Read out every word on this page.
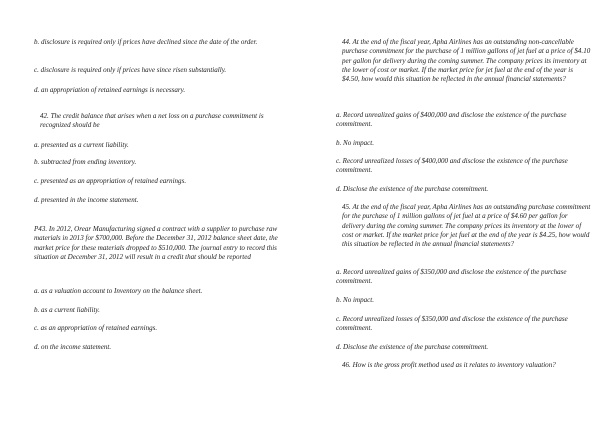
b. disclosure is required only if prices have declined since the date of the order.

c. disclosure is required only if prices have since risen substantially.

d. an appropriation of retained earnings is necessary.

42. The credit balance that arises when a net loss on a purchase commitment is recognized should be

a. presented as a current liability.

b. subtracted from ending inventory.

c. presented as an appropriation of retained earnings.

d. presented in the income statement.

P43. In 2012, Orear Manufacturing signed a contract with a supplier to purchase raw materials in 2013 for $700,000. Before the December 31, 2012 balance sheet date, the market price for these materials dropped to $510,000. The journal entry to record this situation at December 31, 2012 will result in a credit that should be reported

a. as a valuation account to Inventory on the balance sheet.

b. as a current liability.

c. as an appropriation of retained earnings.

d. on the income statement.

44. At the end of the fiscal year, Apha Airlines has an outstanding non-cancellable purchase commitment for the purchase of 1 million gallons of jet fuel at a price of $4.10 per gallon for delivery during the coming summer. The company prices its inventory at the lower of cost or market. If the market price for jet fuel at the end of the year is $4.50, how would this situation be reflected in the annual financial statements?

a. Record unrealized gains of $400,000 and disclose the existence of the purchase commitment.

b. No impact.

c. Record unrealized losses of $400,000 and disclose the existence of the purchase commitment.

d. Disclose the existence of the purchase commitment.

45. At the end of the fiscal year, Apha Airlines has an outstanding purchase commitment for the purchase of 1 million gallons of jet fuel at a price of $4.60 per gallon for delivery during the coming summer. The company prices its inventory at the lower of cost or market. If the market price for jet fuel at the end of the year is $4.25, how would this situation be reflected in the annual financial statements?

a. Record unrealized gains of $350,000 and disclose the existence of the purchase commitment.

b. No impact.

c. Record unrealized losses of $350,000 and disclose the existence of the purchase commitment.

d. Disclose the existence of the purchase commitment.

46. How is the gross profit method used as it relates to inventory valuation?
